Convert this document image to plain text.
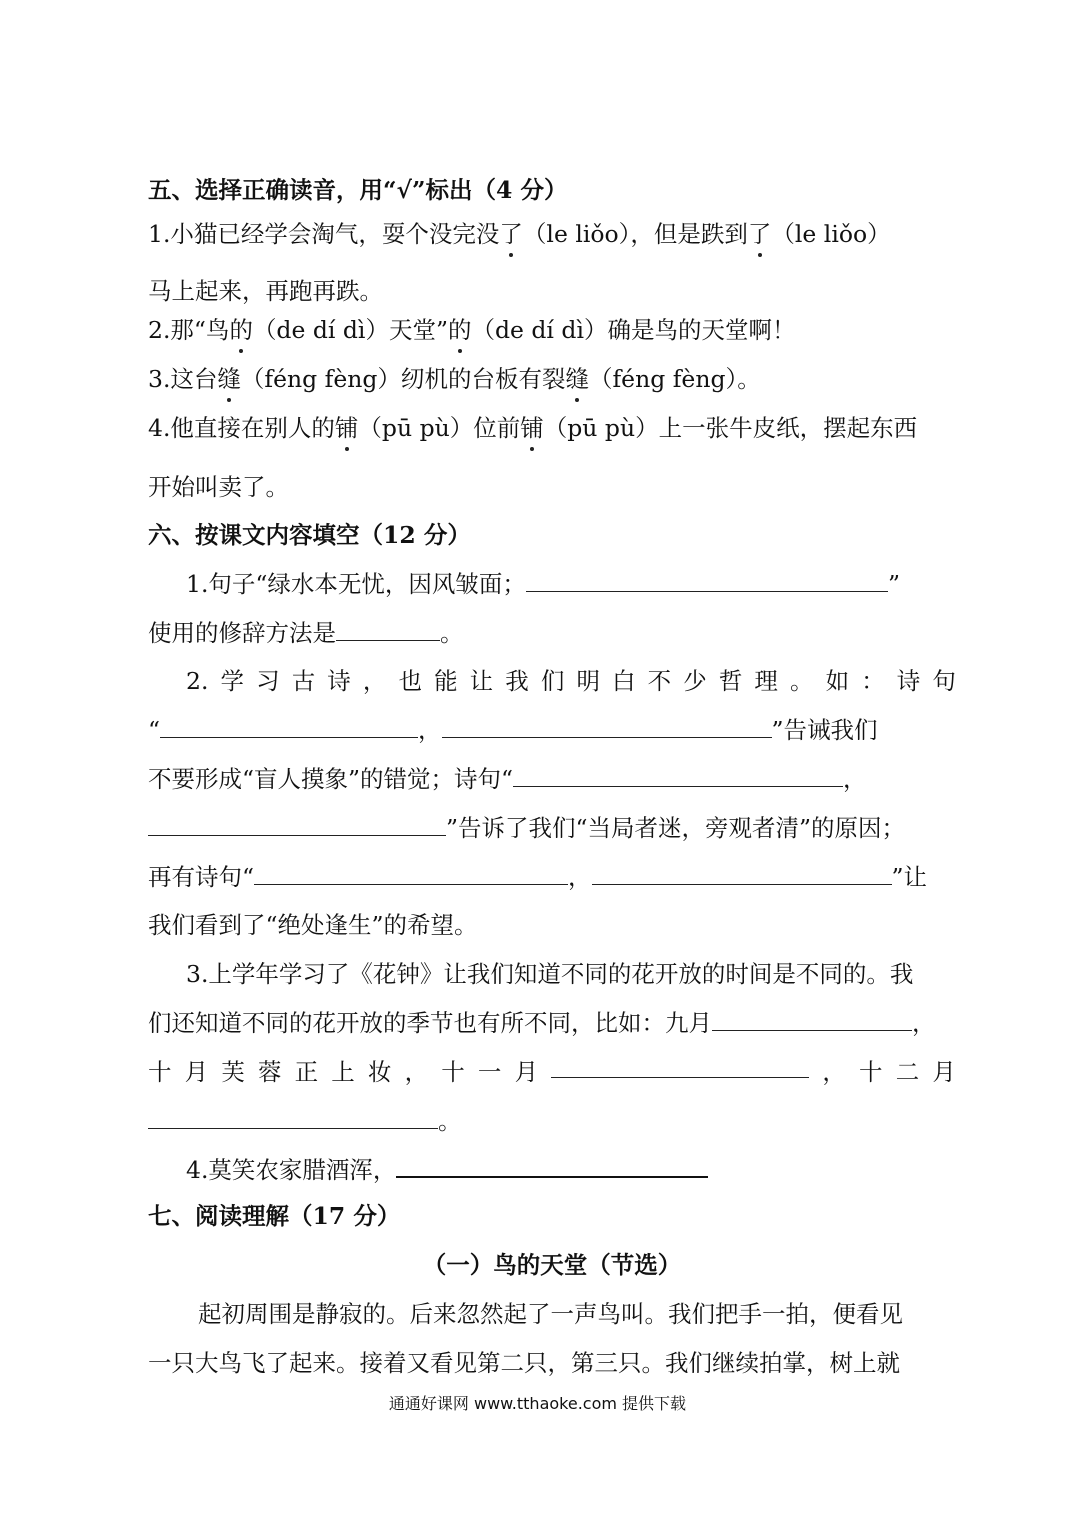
五、选择正确读音，用“√”标出（4 分）
1.小猫已经学会淘气，耍个没完没了（le liǒo），但是跌到了（le liǒo）
马上起来，再跑再跌。
2.那“鸟的（de dí dì）天堂”的（de dí dì）确是鸟的天堂啊！
3.这台缝（féng fèng）纫机的台板有裂缝（féng fèng）。
4.他直接在别人的铺（pū pù）位前铺（pū pù）上一张牛皮纸，摆起东西
开始叫卖了。
六、按课文内容填空（12 分）
1.句子“绿水本无忧，因风皱面；	”
使用的修辞方法是	。
2. 学 习 古 诗 ， 也 能 让 我 们 明 白 不 少 哲 理 。 如 ： 诗 句
“	，	”告诫我们
不要形成“盲人摸象”的错觉；诗句“	，
”告诉了我们“当局者迷，旁观者清”的原因；
再有诗句“	，	”让
我们看到了“绝处逢生”的希望。
3.上学年学习了《花钟》让我们知道不同的花开放的时间是不同的。我
们还知道不同的花开放的季节也有所不同，比如：九月	，
十 月 芙 蓉 正 上 妆 ， 十 一 月	， 十 二 月
。
4.莫笑农家腊酒浑，
七、阅读理解（17 分）
（一）鸟的天堂（节选）
起初周围是静寂的。后来忽然起了一声鸟叫。我们把手一拍，便看见
一只大鸟飞了起来。接着又看见第二只，第三只。我们继续拍掌，树上就
通通好课网 www.tthaoke.com 提供下载
